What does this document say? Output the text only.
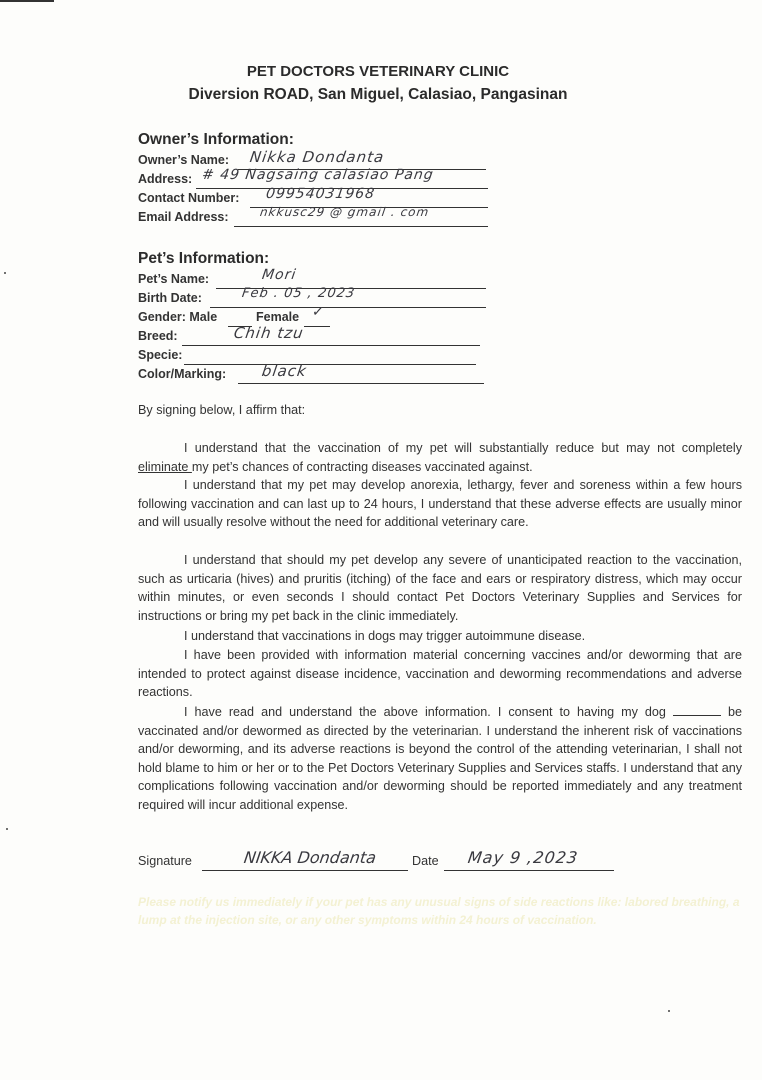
PET DOCTORS VETERINARY CLINIC
Diversion ROAD, San Miguel, Calasiao, Pangasinan
Owner’s Information:
Owner’s Name: Nikka Dondanta
Address: # 49 Nagsaing calasiao Pang
Contact Number: 09954031968
Email Address:	nkkusc29 @ gmail . com
Pet’s Information:
Pet’s Name:	Mori
Birth Date:	Feb . 05 , 2023
Gender: Male	Female ✓
Breed:	Chih tzu
Specie:
Color/Marking: black
By signing below, I affirm that:
I understand that the vaccination of my pet will substantially reduce but may not completely eliminate my pet’s chances of contracting diseases vaccinated against.
I understand that my pet may develop anorexia, lethargy, fever and soreness within a few hours following vaccination and can last up to 24 hours, I understand that these adverse effects are usually minor and will usually resolve without the need for additional veterinary care.
I understand that should my pet develop any severe of unanticipated reaction to the vaccination, such as urticaria (hives) and pruritis (itching) of the face and ears or respiratory distress, which may occur within minutes, or even seconds I should contact Pet Doctors Veterinary Supplies and Services for instructions or bring my pet back in the clinic immediately.
I understand that vaccinations in dogs may trigger autoimmune disease.
I have been provided with information material concerning vaccines and/or deworming that are intended to protect against disease incidence, vaccination and deworming recommendations and adverse reactions.
I have read and understand the above information. I consent to having my dog	be vaccinated and/or dewormed as directed by the veterinarian. I understand the inherent risk of vaccinations and/or deworming, and its adverse reactions is beyond the control of the attending veterinarian, I shall not hold blame to him or her or to the Pet Doctors Veterinary Supplies and Services staffs. I understand that any complications following vaccination and/or deworming should be reported immediately and any treatment required will incur additional expense.
Signature	NIKKA Dondanta	Date May 9 ,2023
Please notify us immediately if your pet has any unusual signs of side reactions like: labored breathing, a lump at the injection site, or any other symptoms within 24 hours of vaccination.
